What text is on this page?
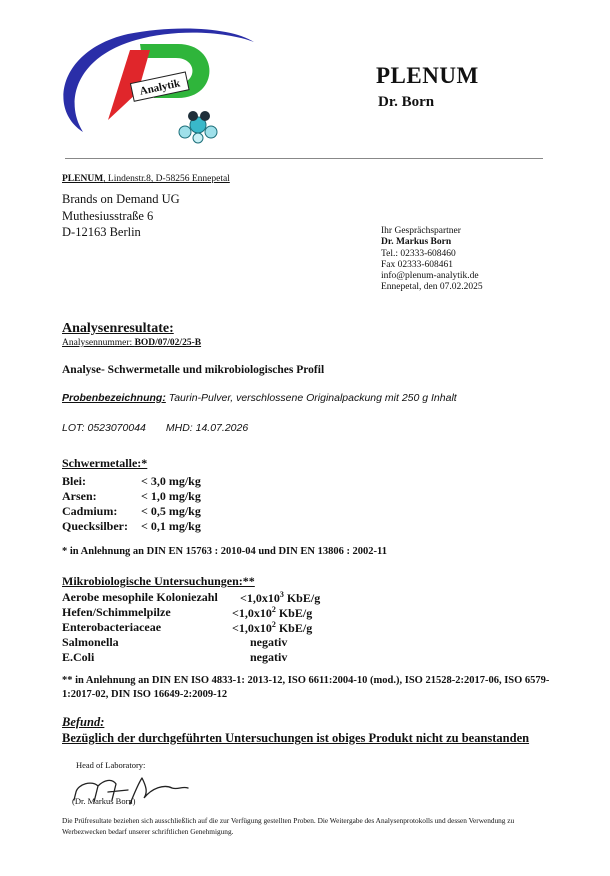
Analytik	PLENUM
Dr. Born
PLENUM, Lindenstr.8, D-58256 Ennepetal
Brands on Demand UG
Muthesiusstraße 6
D-12163 Berlin	Ihr Gesprächspartner
Dr. Markus Born
Tel.: 02333-608460
Fax 02333-608461
info@plenum-analytik.de
Ennepetal, den 07.02.2025
Analysenresultate:
Analysennummer: BOD/07/02/25-B
Analyse- Schwermetalle und mikrobiologisches Profil
Probenbezeichnung: Taurin-Pulver, verschlossene Originalpackung mit 250 g Inhalt
LOT: 0523070044 MHD: 14.07.2026
Schwermetalle:*
Blei:	< 3,0 mg/kg
Arsen:	< 1,0 mg/kg
Cadmium: < 0,5 mg/kg
Quecksilber: < 0,1 mg/kg
* in Anlehnung an DIN EN 15763 : 2010-04 und DIN EN 13806 : 2002-11
Mikrobiologische Untersuchungen:**
Aerobe mesophile Koloniezahl $<1,0x10^3$ KbE/g
Hefen/Schimmelpilze	$<1,0x10^2$ KbE/g
Enterobacteriaceae	$<1,0x10^2$ KbE/g
Salmonella	negativ
E.Coli	negativ
** in Anlehnung an DIN EN ISO 4833-1: 2013-12, ISO 6611:2004-10 (mod.), ISO 21528-2:2017-06, ISO 6579-1:2017-02, DIN ISO 16649-2:2009-12
Befund:
Bezüglich der durchgeführten Untersuchungen ist obiges Produkt nicht zu beanstanden
Head of Laboratory:
(Dr. Markus Born)
Die Prüfresultate beziehen sich ausschließlich auf die zur Verfügung gestellten Proben. Die Weitergabe des Analysenprotokolls und dessen Verwendung zu Werbezwecken bedarf unserer schriftlichen Genehmigung.
